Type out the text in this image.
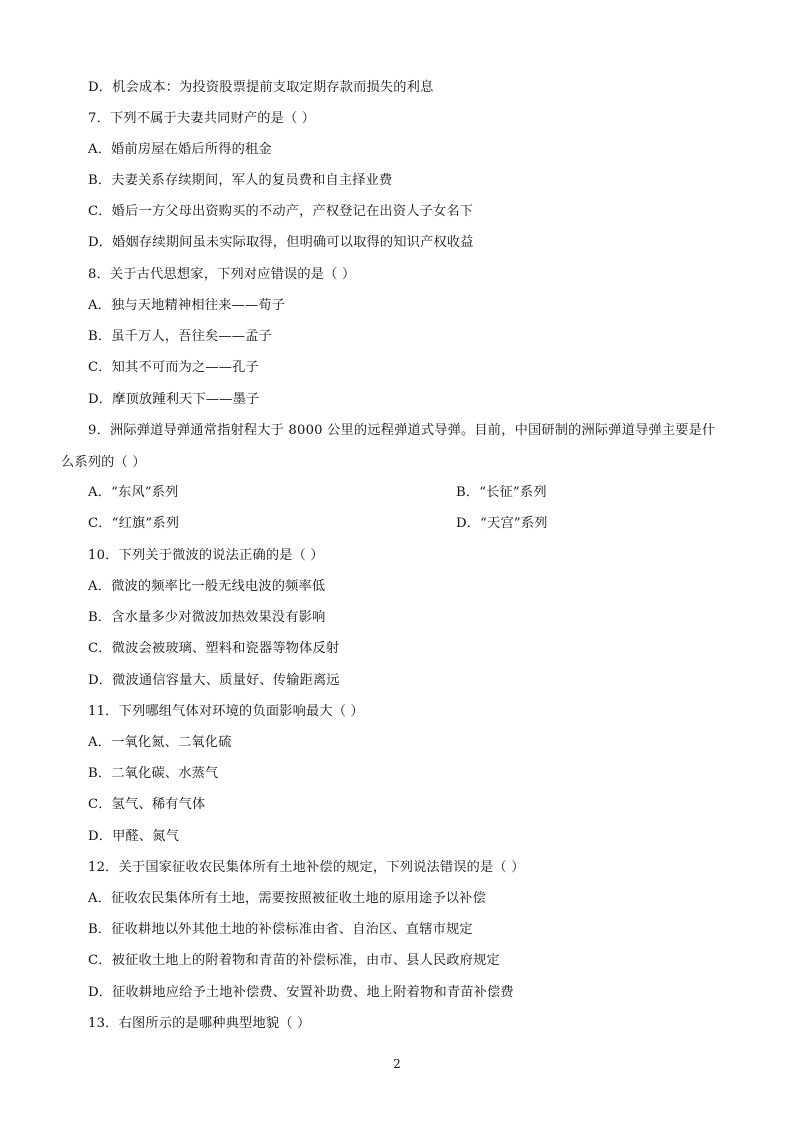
D．机会成本：为投资股票提前支取定期存款而损失的利息
7．下列不属于夫妻共同财产的是（ ）
A．婚前房屋在婚后所得的租金
B．夫妻关系存续期间，军人的复员费和自主择业费
C．婚后一方父母出资购买的不动产，产权登记在出资人子女名下
D．婚姻存续期间虽未实际取得，但明确可以取得的知识产权收益
8．关于古代思想家，下列对应错误的是（ ）
A．独与天地精神相往来——荀子
B．虽千万人，吾往矣——孟子
C．知其不可而为之——孔子
D．摩顶放踵利天下——墨子
9．洲际弹道导弹通常指射程大于 8000 公里的远程弹道式导弹。目前，中国研制的洲际弹道导弹主要是什
么系列的（ ）
A．“东风”系列	B．“长征”系列
C．“红旗”系列	D．“天宫”系列
10．下列关于微波的说法正确的是（ ）
A．微波的频率比一般无线电波的频率低
B．含水量多少对微波加热效果没有影响
C．微波会被玻璃、塑料和瓷器等物体反射
D．微波通信容量大、质量好、传输距离远
11．下列哪组气体对环境的负面影响最大（ ）
A．一氧化氮、二氧化硫
B．二氧化碳、水蒸气
C．氢气、稀有气体
D．甲醛、氮气
12．关于国家征收农民集体所有土地补偿的规定，下列说法错误的是（ ）
A．征收农民集体所有土地，需要按照被征收土地的原用途予以补偿
B．征收耕地以外其他土地的补偿标准由省、自治区、直辖市规定
C．被征收土地上的附着物和青苗的补偿标准，由市、县人民政府规定
D．征收耕地应给予土地补偿费、安置补助费、地上附着物和青苗补偿费
13．右图所示的是哪种典型地貌（ ）
2
